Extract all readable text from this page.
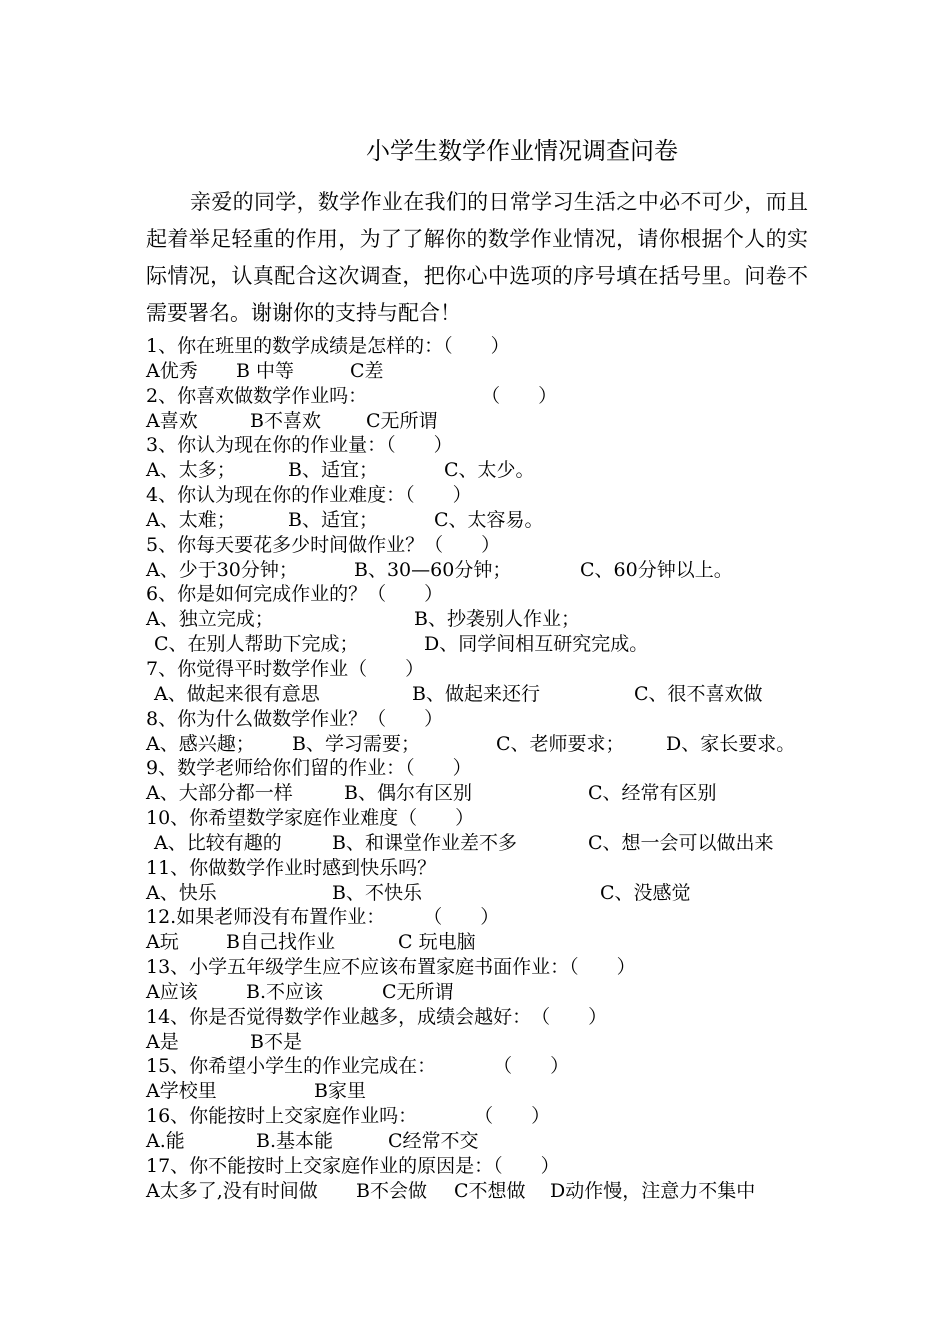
小学生数学作业情况调查问卷
亲爱的同学，数学作业在我们的日常学习生活之中必不可少，而且起着举足轻重的作用，为了了解你的数学作业情况，请你根据个人的实际情况，认真配合这次调查，把你心中选项的序号填在括号里。问卷不需要署名。谢谢你的支持与配合！
1、你在班里的数学成绩是怎样的：（　　）
A优秀 B 中等	C差
2、你喜欢做数学作业吗：　　　　　　　（　　）
A喜欢	B不喜欢 C无所谓
3、你认为现在你的作业量：（　　）
A、太多；	B、适宜；	C、太少。
4、你认为现在你的作业难度：（　　）
A、太难；	B、适宜；	C、太容易。
5、你每天要花多少时间做作业？（　　）
A、少于30分钟；	B、30—60分钟；	C、60分钟以上。
6、你是如何完成作业的？（　　）
A、独立完成；	B、抄袭别人作业；
C、在别人帮助下完成；	D、同学间相互研究完成。
7、你觉得平时数学作业（　　）
A、做起来很有意思	B、做起来还行	C、很不喜欢做
8、你为什么做数学作业？（　　）
A、感兴趣； B、学习需要；	C、老师要求； D、家长要求。
9、数学老师给你们留的作业：（　　）
A、大部分都一样	B、偶尔有区别	C、经常有区别
10、你希望数学家庭作业难度（　　）
A、比较有趣的	B、和课堂作业差不多	C、想一会可以做出来
11、你做数学作业时感到快乐吗？
A、快乐	B、不快乐	C、没感觉
12.如果老师没有布置作业：　　　（　　）
A玩 B自己找作业	C 玩电脑
13、小学五年级学生应不应该布置家庭书面作业：（　　）
A应该	B.不应该	C无所谓
14、你是否觉得数学作业越多，成绩会越好：　（　　）
A是	B不是
15、你希望小学生的作业完成在：　　　　（　　）
A学校里	B家里
16、你能按时上交家庭作业吗：　　　　（　　）
A.能	B.基本能	C经常不交
17、你不能按时上交家庭作业的原因是：（　　）
A太多了,没有时间做 B不会做 C不想做 D动作慢，注意力不集中
